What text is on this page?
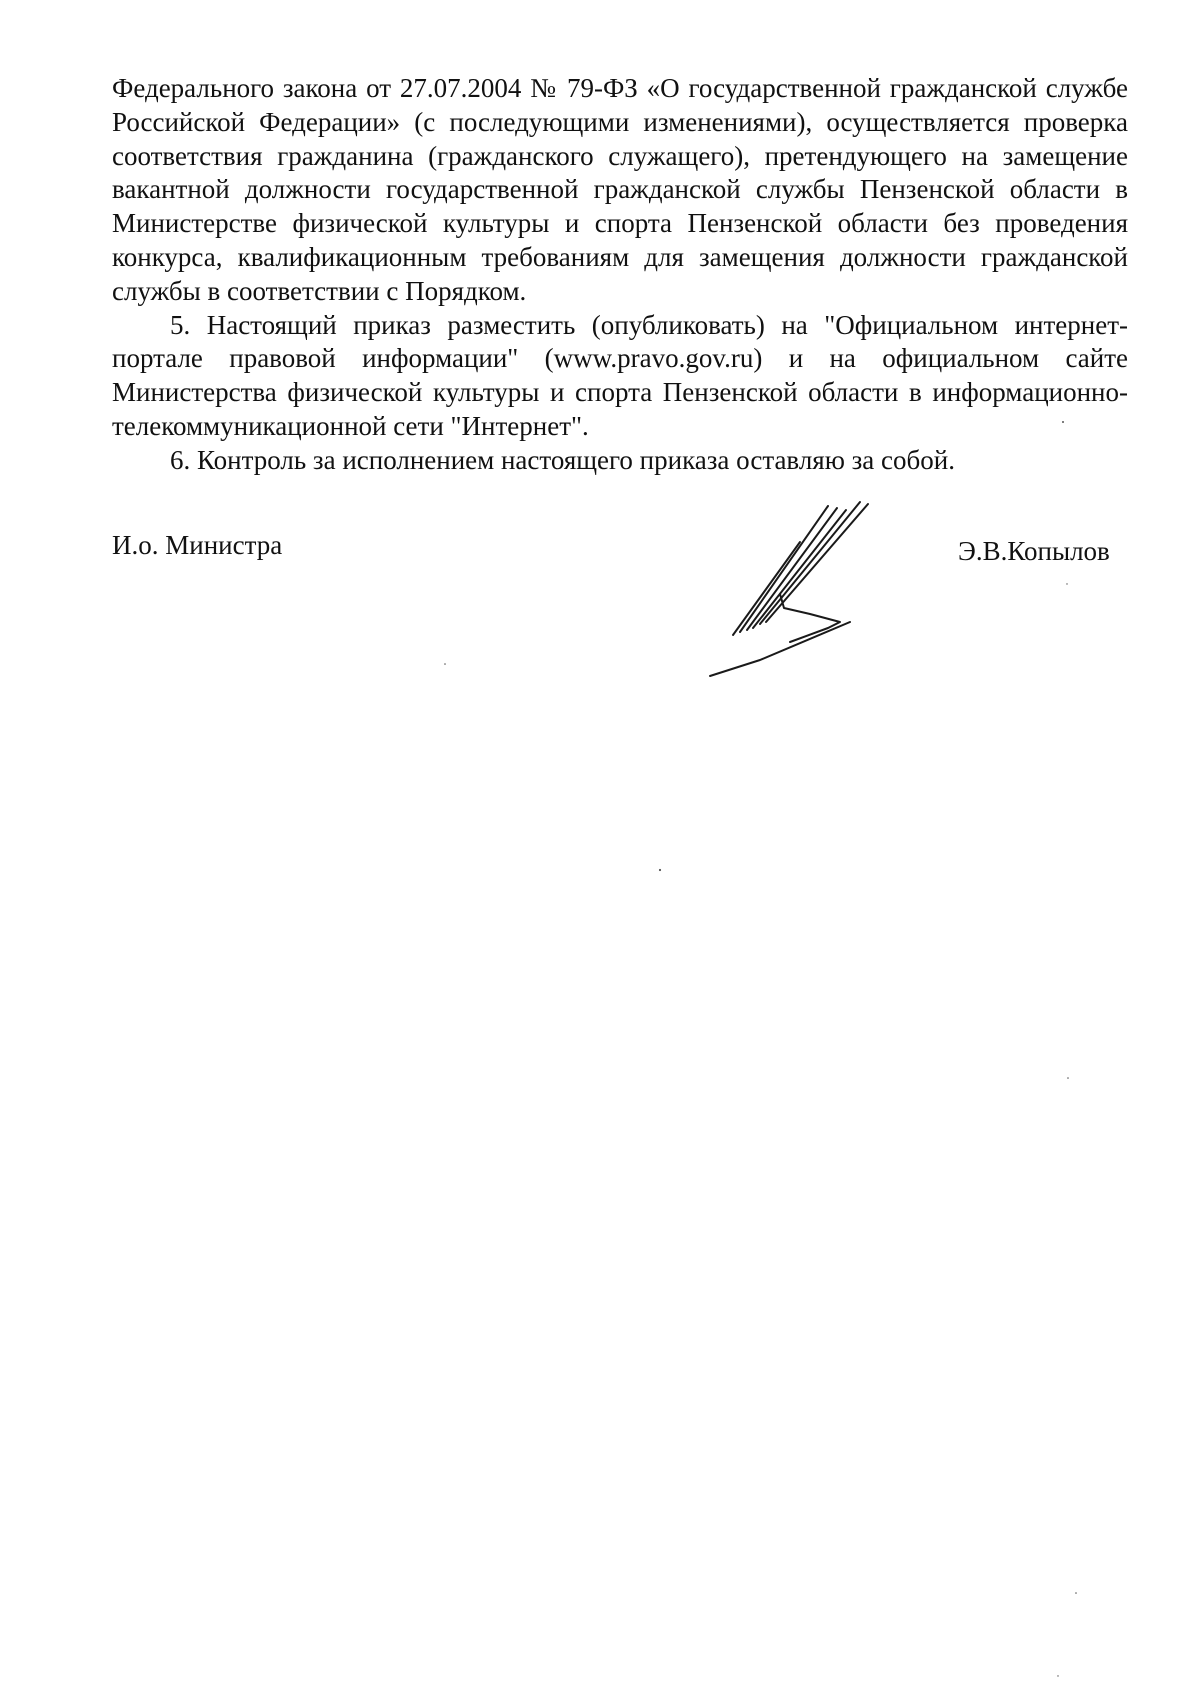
Федерального закона от 27.07.2004 № 79-ФЗ «О государственной гражданской службе Российской Федерации» (с последующими изменениями), осуществляется проверка соответствия гражданина (гражданского служащего), претендующего на замещение вакантной должности государственной гражданской службы Пензенской области в Министерстве физической культуры и спорта Пензенской области без проведения конкурса, квалификационным требованиям для замещения должности гражданской службы в соответствии с Порядком.

5. Настоящий приказ разместить (опубликовать) на "Официальном интернет-портале правовой информации" (www.pravo.gov.ru) и на официальном сайте Министерства физической культуры и спорта Пензенской области в информационно-телекоммуникационной сети "Интернет".

6. Контроль за исполнением настоящего приказа оставляю за собой.

И.о. Министра	Э.В.Копылов
